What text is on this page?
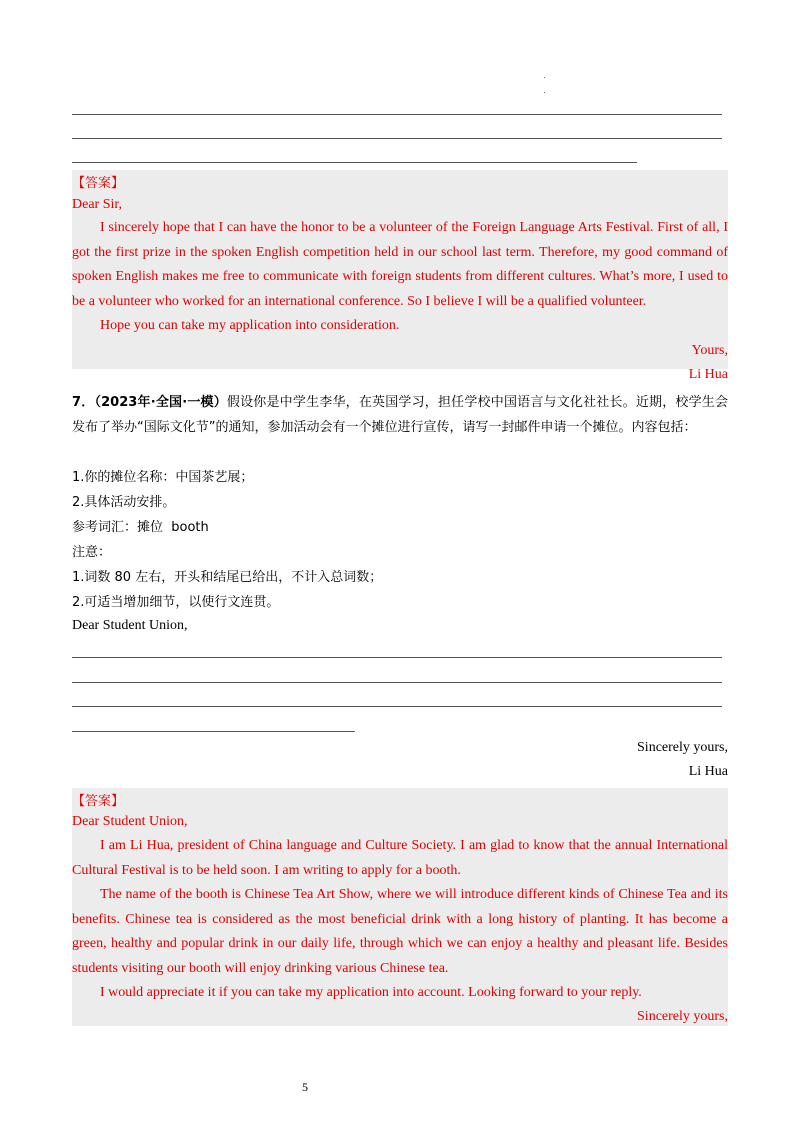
【答案】
Dear Sir,
I sincerely hope that I can have the honor to be a volunteer of the Foreign Language Arts Festival. First of all, I got the first prize in the spoken English competition held in our school last term. Therefore, my good command of spoken English makes me free to communicate with foreign students from different cultures. What’s more, I used to be a volunteer who worked for an international conference. So I believe I will be a qualified volunteer.
Hope you can take my application into consideration.
Yours,
Li Hua
7．（2023年·全国·一模）假设你是中学生李华，在英国学习，担任学校中国语言与文化社社长。近期，校学生会发布了举办“国际文化节”的通知，参加活动会有一个摊位进行宣传，请写一封邮件申请一个摊位。内容包括：
1.你的摊位名称：中国茶艺展；
2.具体活动安排。
参考词汇：摊位  booth
注意：
1.词数 80 左右，开头和结尾已给出，不计入总词数；
2.可适当增加细节，以使行文连贯。
Dear Student Union,
Sincerely yours,
Li Hua
【答案】
Dear Student Union,
I am Li Hua, president of China language and Culture Society. I am glad to know that the annual International Cultural Festival is to be held soon. I am writing to apply for a booth.
The name of the booth is Chinese Tea Art Show, where we will introduce different kinds of Chinese Tea and its benefits. Chinese tea is considered as the most beneficial drink with a long history of planting. It has become a green, healthy and popular drink in our daily life, through which we can enjoy a healthy and pleasant life. Besides students visiting our booth will enjoy drinking various Chinese tea.
I would appreciate it if you can take my application into account. Looking forward to your reply.
Sincerely yours,
5
